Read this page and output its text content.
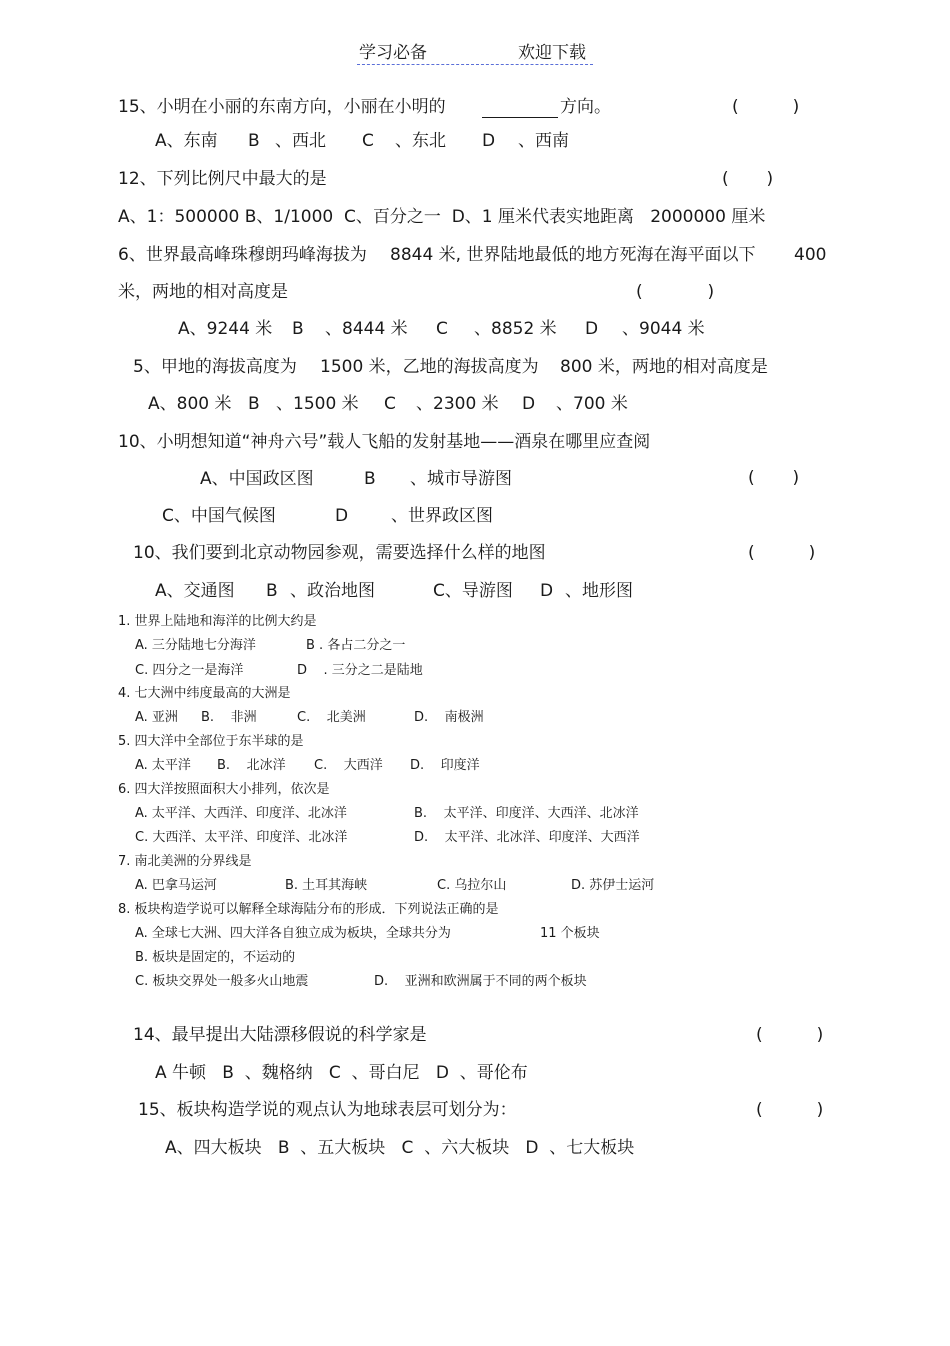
学习必备	欢迎下载
15、小明在小丽的东南方向，小丽在小明的	方向。	(          )
A、东南 B 、西北 C 、东北 D 、西南
12、下列比例尺中最大的是	(       )
A、1：500000 B、1/1000  C、百分之一  D、1 厘米代表实地距离   2000000 厘米
6、世界最高峰珠穆朗玛峰海拔为 8844 米, 世界陆地最低的地方死海在海平面以下 400
米，两地的相对高度是	(            )
A、9244 米 B 、8444 米 C 、8852 米 D 、9044 米
5、甲地的海拔高度为 1500 米，乙地的海拔高度为 800 米，两地的相对高度是
A、800 米 B 、1500 米 C 、2300 米 D 、700 米
10、小明想知道“神舟六号”载人飞船的发射基地——酒泉在哪里应查阅
(       )
A、中国政区图	B 、城市导游图
C、中国气候图	D	、世界政区图
10、我们要到北京动物园参观，需要选择什么样的地图	(          )
A、交通图 B 、政治地图	C、导游图 D 、地形图
1. 世界上陆地和海洋的比例大约是
A. 三分陆地七分海洋	B . 各占二分之一
C. 四分之一是海洋	D    . 三分之二是陆地
4. 七大洲中纬度最高的大洲是
A. 亚洲 B.    非洲	C.    北美洲	D.    南极洲
5. 四大洋中全部位于东半球的是
A. 太平洋 B.    北冰洋 C.    大西洋 D.    印度洋
6. 四大洋按照面积大小排列，依次是
A. 太平洋、大西洋、印度洋、北冰洋	B.    太平洋、印度洋、大西洋、北冰洋
C. 大西洋、太平洋、印度洋、北冰洋	D.    太平洋、北冰洋、印度洋、大西洋
7. 南北美洲的分界线是
A. 巴拿马运河	B. 土耳其海峡	C. 乌拉尔山	D. 苏伊士运河
8. 板块构造学说可以解释全球海陆分布的形成．下列说法正确的是
A. 全球七大洲、四大洋各自独立成为板块，全球共分为	11 个板块
B. 板块是固定的，不运动的
C. 板块交界处一般多火山地震	D.    亚洲和欧洲属于不同的两个板块
14、最早提出大陆漂移假说的科学家是	(          )
A 牛顿   B  、魏格纳   C  、哥白尼   D  、哥伦布
15、板块构造学说的观点认为地球表层可划分为：	(          )
A、四大板块   B  、五大板块   C  、六大板块   D  、七大板块
